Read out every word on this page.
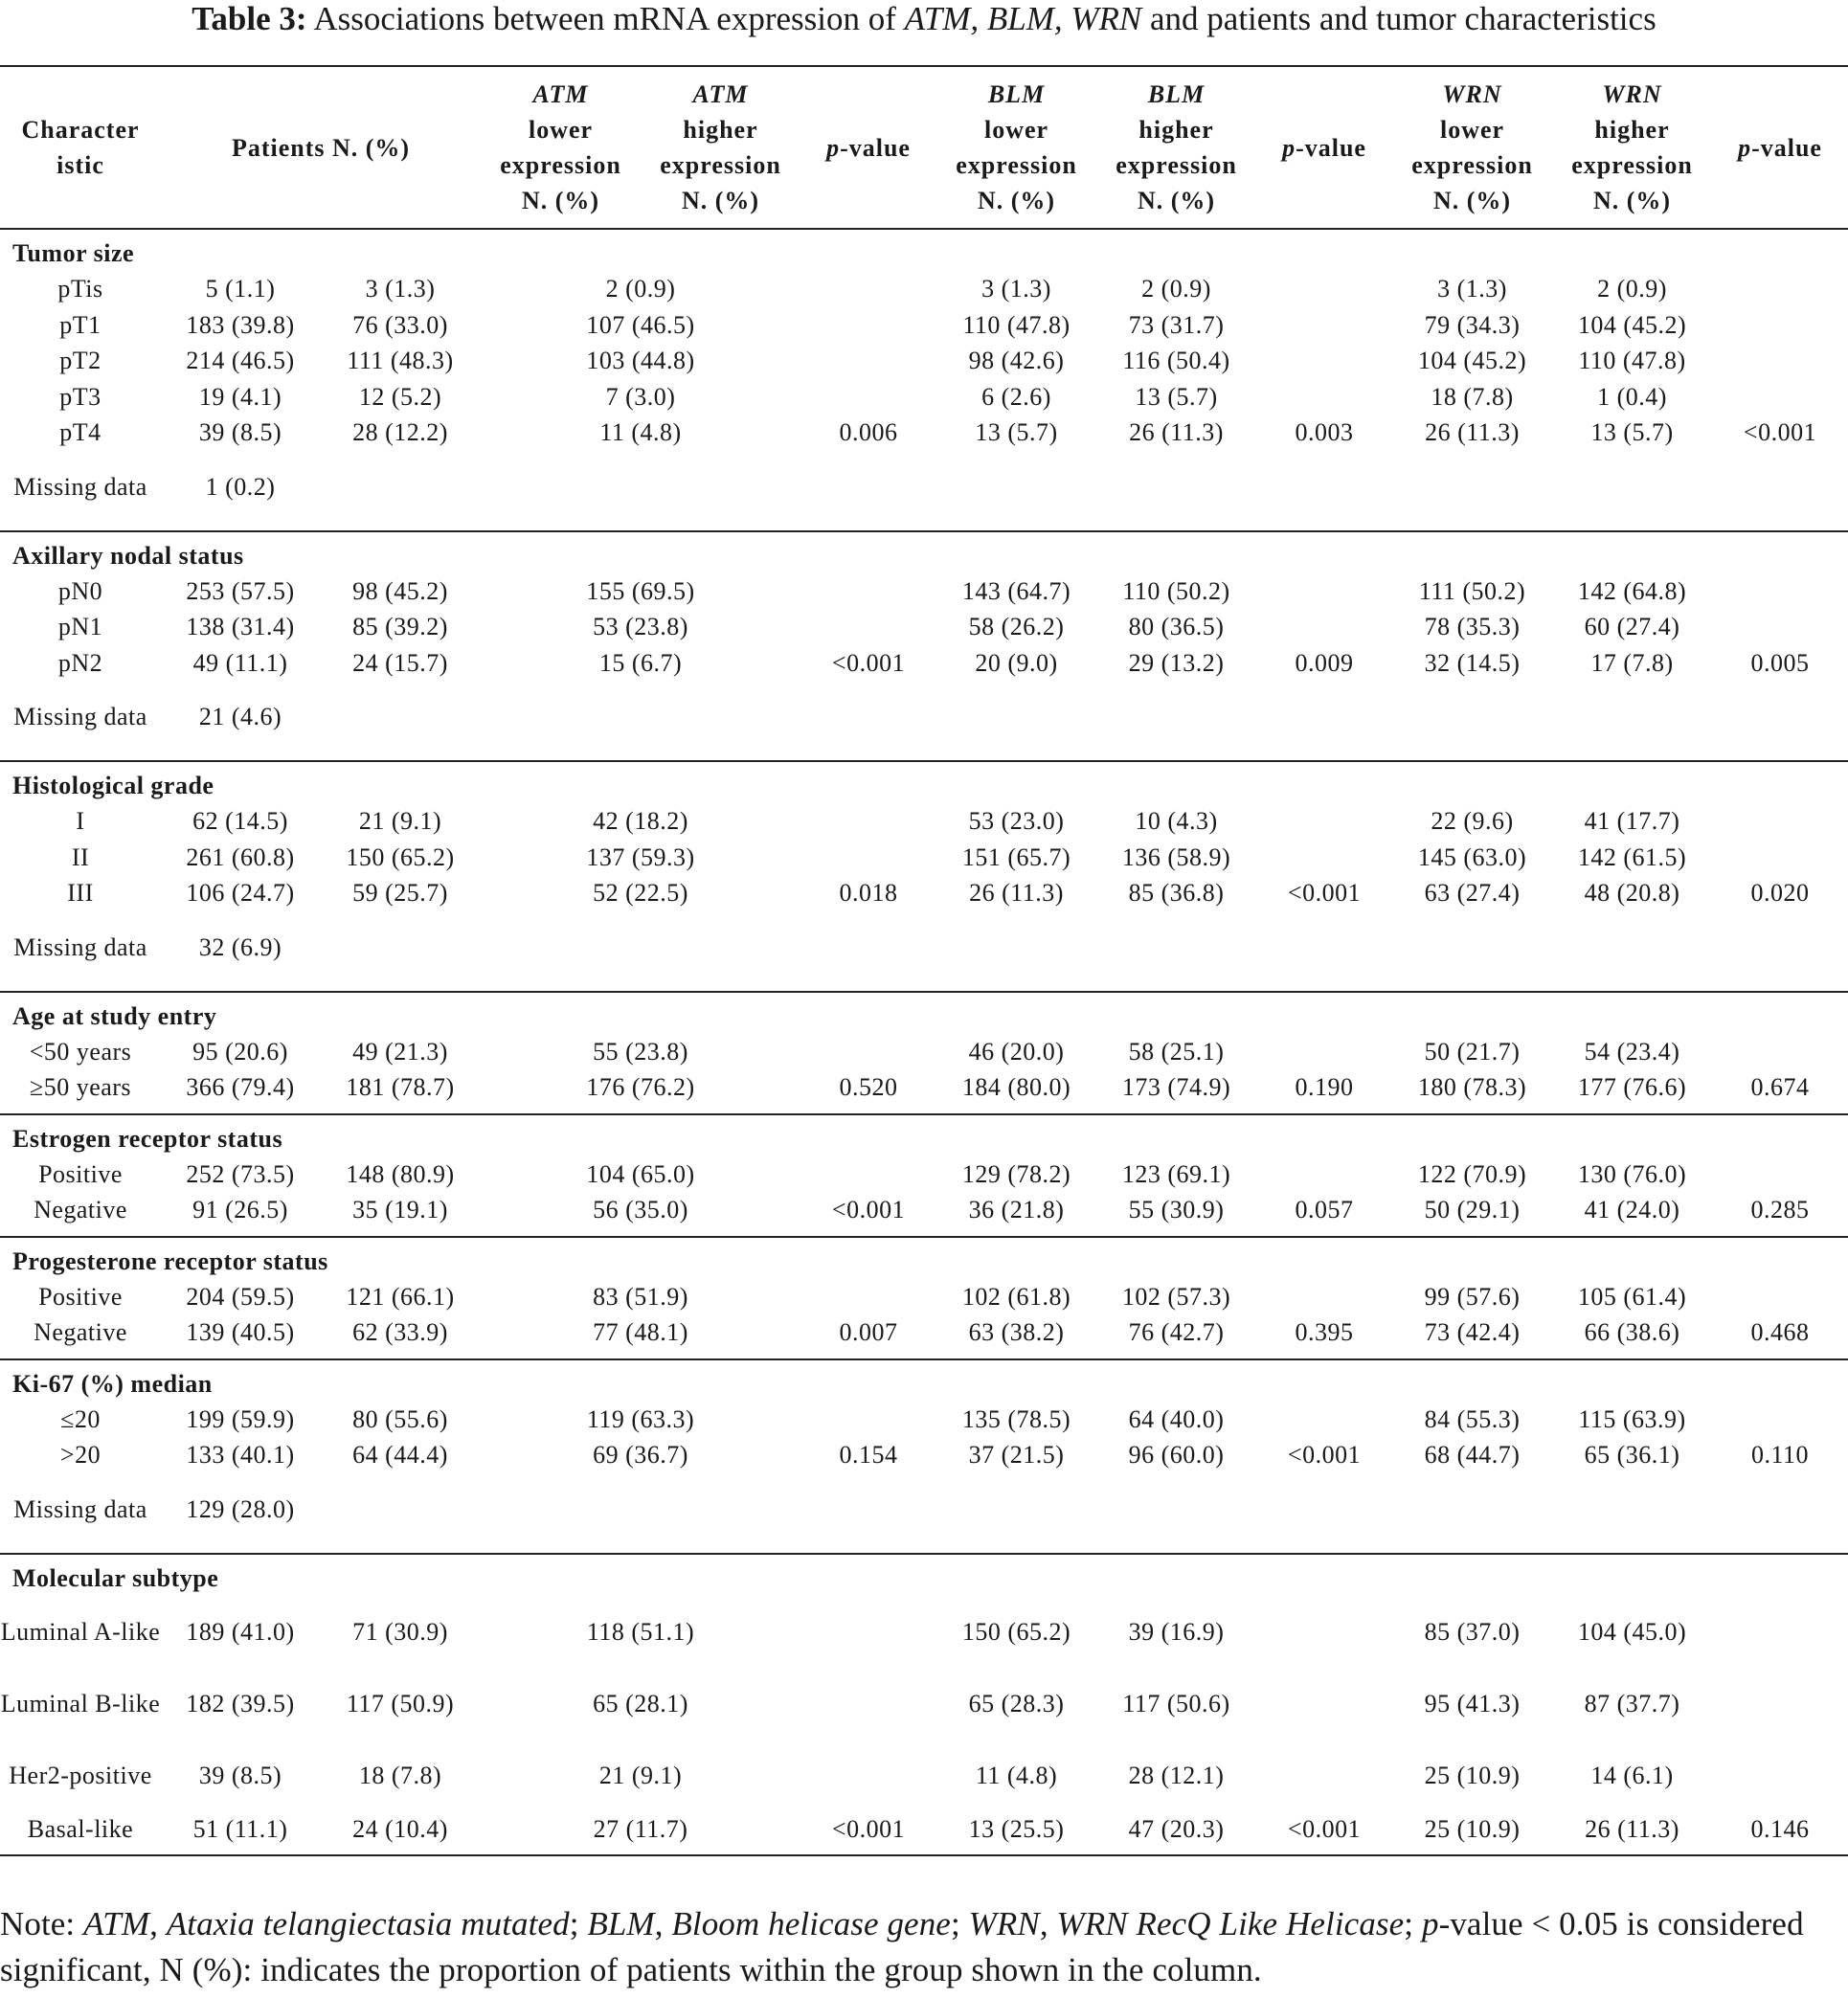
Table 3: Associations between mRNA expression of ATM, BLM, WRN and patients and tumor characteristics
Character
istic	Patients N. (%)		ATM
lower
expression
N. (%)	ATM
higher
expression
N. (%)	p-value	BLM
lower
expression
N. (%)	BLM
higher
expression
N. (%)	p-value	WRN
lower
expression
N. (%)	WRN
higher
expression
N. (%)	p-value
Tumor size											
pTis	5 (1.1)	3 (1.3)	2 (0.9)			3 (1.3)	2 (0.9)		3 (1.3)	2 (0.9)	
pT1	183 (39.8)	76 (33.0)	107 (46.5)			110 (47.8)	73 (31.7)		79 (34.3)	104 (45.2)	
pT2	214 (46.5)	111 (48.3)	103 (44.8)			98 (42.6)	116 (50.4)		104 (45.2)	110 (47.8)	
pT3	19 (4.1)	12 (5.2)	7 (3.0)			6 (2.6)	13 (5.7)		18 (7.8)	1 (0.4)	
pT4	39 (8.5)	28 (12.2)	11 (4.8)		0.006	13 (5.7)	26 (11.3)	0.003	26 (11.3)	13 (5.7)	<0.001
Missing data	1 (0.2)										
Axillary nodal status											
pN0	253 (57.5)	98 (45.2)	155 (69.5)			143 (64.7)	110 (50.2)		111 (50.2)	142 (64.8)	
pN1	138 (31.4)	85 (39.2)	53 (23.8)			58 (26.2)	80 (36.5)		78 (35.3)	60 (27.4)	
pN2	49 (11.1)	24 (15.7)	15 (6.7)		<0.001	20 (9.0)	29 (13.2)	0.009	32 (14.5)	17 (7.8)	0.005
Missing data	21 (4.6)										
Histological grade											
I	62 (14.5)	21 (9.1)	42 (18.2)			53 (23.0)	10 (4.3)		22 (9.6)	41 (17.7)	
II	261 (60.8)	150 (65.2)	137 (59.3)			151 (65.7)	136 (58.9)		145 (63.0)	142 (61.5)	
III	106 (24.7)	59 (25.7)	52 (22.5)		0.018	26 (11.3)	85 (36.8)	<0.001	63 (27.4)	48 (20.8)	0.020
Missing data	32 (6.9)										
Age at study entry											
<50 years	95 (20.6)	49 (21.3)	55 (23.8)			46 (20.0)	58 (25.1)		50 (21.7)	54 (23.4)	
≥50 years	366 (79.4)	181 (78.7)	176 (76.2)		0.520	184 (80.0)	173 (74.9)	0.190	180 (78.3)	177 (76.6)	0.674
Estrogen receptor status											
Positive	252 (73.5)	148 (80.9)	104 (65.0)			129 (78.2)	123 (69.1)		122 (70.9)	130 (76.0)	
Negative	91 (26.5)	35 (19.1)	56 (35.0)		<0.001	36 (21.8)	55 (30.9)	0.057	50 (29.1)	41 (24.0)	0.285
Progesterone receptor status											
Positive	204 (59.5)	121 (66.1)	83 (51.9)			102 (61.8)	102 (57.3)		99 (57.6)	105 (61.4)	
Negative	139 (40.5)	62 (33.9)	77 (48.1)		0.007	63 (38.2)	76 (42.7)	0.395	73 (42.4)	66 (38.6)	0.468
Ki-67 (%) median											
≤20	199 (59.9)	80 (55.6)	119 (63.3)			135 (78.5)	64 (40.0)		84 (55.3)	115 (63.9)	
>20	133 (40.1)	64 (44.4)	69 (36.7)		0.154	37 (21.5)	96 (60.0)	<0.001	68 (44.7)	65 (36.1)	0.110
Missing data	129 (28.0)										
Molecular subtype											
Luminal A-like	189 (41.0)	71 (30.9)	118 (51.1)			150 (65.2)	39 (16.9)		85 (37.0)	104 (45.0)	
Luminal B-like	182 (39.5)	117 (50.9)	65 (28.1)			65 (28.3)	117 (50.6)		95 (41.3)	87 (37.7)	
Her2-positive	39 (8.5)	18 (7.8)	21 (9.1)			11 (4.8)	28 (12.1)		25 (10.9)	14 (6.1)	
Basal-like	51 (11.1)	24 (10.4)	27 (11.7)		<0.001	13 (25.5)	47 (20.3)	<0.001	25 (10.9)	26 (11.3)	0.146
Note: ATM, Ataxia telangiectasia mutated; BLM, Bloom helicase gene; WRN, WRN RecQ Like Helicase; p-value < 0.05 is considered significant, N (%): indicates the proportion of patients within the group shown in the column.
